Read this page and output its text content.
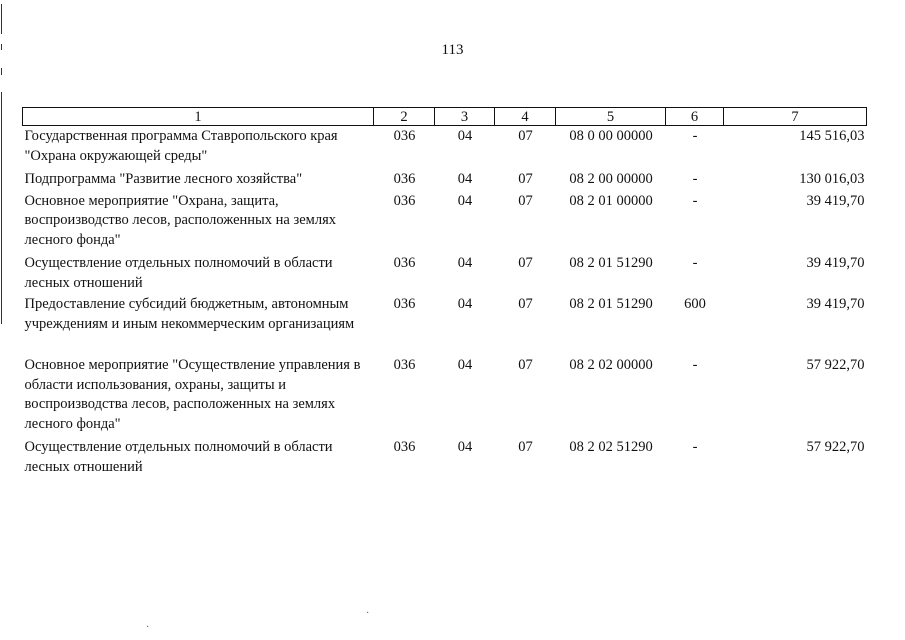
113
1	2	3	4	5	6	7
Государственная программа Ставропольского края "Охрана окружающей среды"	036	04	07	08 0 00 00000	-	145 516,03
Подпрограмма "Развитие лесного хозяйства"	036	04	07	08 2 00 00000	-	130 016,03
Основное мероприятие "Охрана, защита, воспроизводство лесов, расположенных на землях лесного фонда"	036	04	07	08 2 01 00000	-	39 419,70
Осуществление отдельных полномочий в области лесных отношений	036	04	07	08 2 01 51290	-	39 419,70
Предоставление субсидий бюджетным, автономным учреждениям и иным некоммерческим организациям	036	04	07	08 2 01 51290	600	39 419,70
Основное мероприятие "Осуществление управления в области использования, охраны, защиты и воспроизводства лесов, расположенных на землях лесного фонда"	036	04	07	08 2 02 00000	-	57 922,70
Осуществление отдельных полномочий в области лесных отношений	036	04	07	08 2 02 51290	-	57 922,70
·
·
